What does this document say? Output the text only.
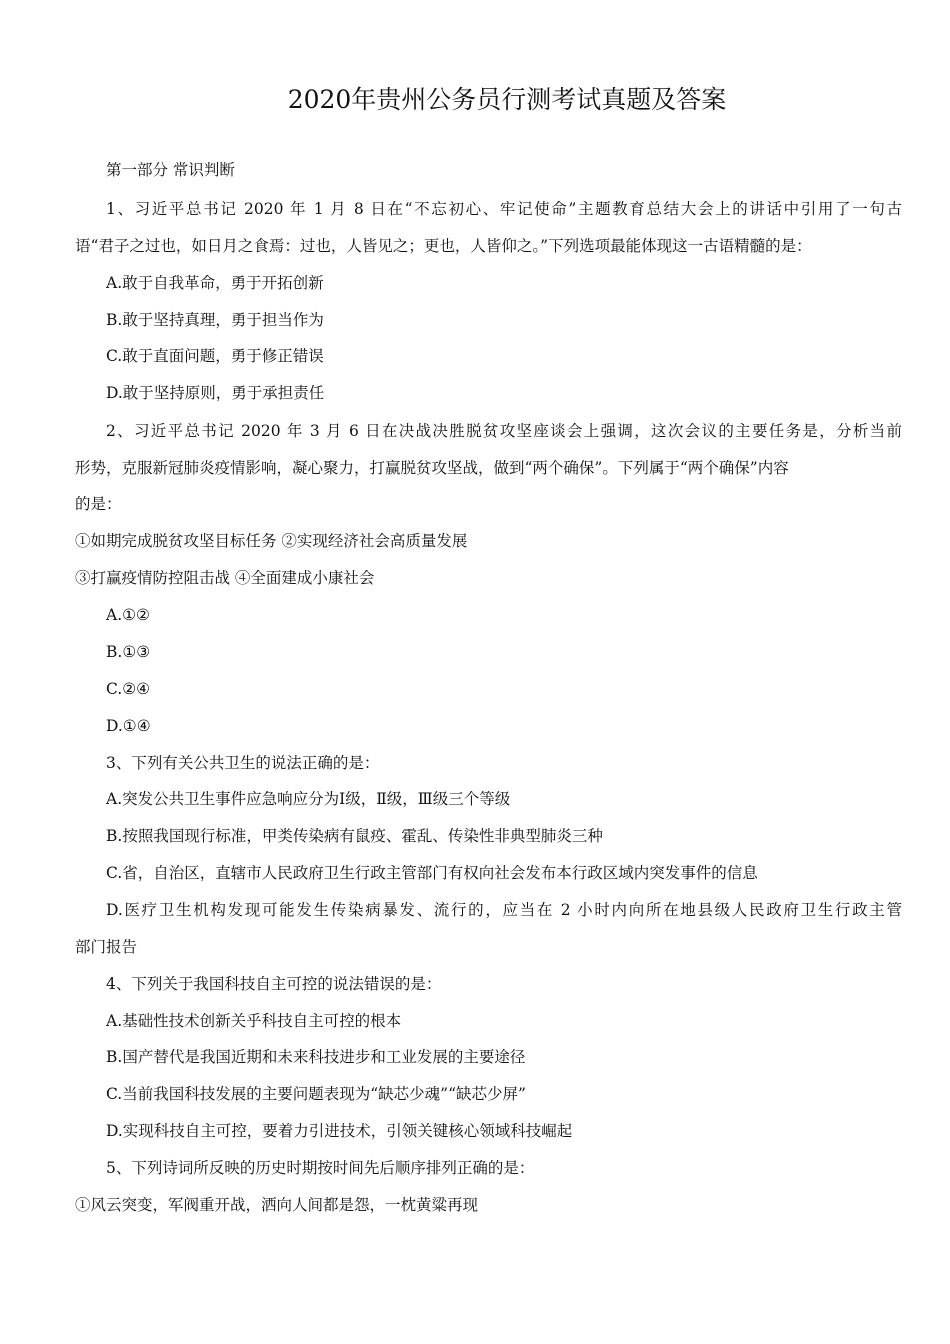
2020年贵州公务员行测考试真题及答案
第一部分 常识判断
1、习近平总书记 2020 年 1 月 8 日在“不忘初心、牢记使命”主题教育总结大会上的讲话中引用了一句古
语“君子之过也，如日月之食焉：过也，人皆见之；更也，人皆仰之。”下列选项最能体现这一古语精髓的是：
A.敢于自我革命，勇于开拓创新
B.敢于坚持真理，勇于担当作为
C.敢于直面问题，勇于修正错误
D.敢于坚持原则，勇于承担责任
2、习近平总书记 2020 年 3 月 6 日在决战决胜脱贫攻坚座谈会上强调，这次会议的主要任务是，分析当前
形势，克服新冠肺炎疫情影响，凝心聚力，打赢脱贫攻坚战，做到“两个确保”。下列属于“两个确保”内容
的是：
①如期完成脱贫攻坚目标任务 ②实现经济社会高质量发展
③打赢疫情防控阻击战 ④全面建成小康社会
A.①②
B.①③
C.②④
D.①④
3、下列有关公共卫生的说法正确的是：
A.突发公共卫生事件应急响应分为Ⅰ级，Ⅱ级，Ⅲ级三个等级
B.按照我国现行标准，甲类传染病有鼠疫、霍乱、传染性非典型肺炎三种
C.省，自治区，直辖市人民政府卫生行政主管部门有权向社会发布本行政区域内突发事件的信息
D.医疗卫生机构发现可能发生传染病暴发、流行的，应当在 2 小时内向所在地县级人民政府卫生行政主管
部门报告
4、下列关于我国科技自主可控的说法错误的是：
A.基础性技术创新关乎科技自主可控的根本
B.国产替代是我国近期和未来科技进步和工业发展的主要途径
C.当前我国科技发展的主要问题表现为“缺芯少魂”“缺芯少屏”
D.实现科技自主可控，要着力引进技术，引领关键核心领域科技崛起
5、下列诗词所反映的历史时期按时间先后顺序排列正确的是：
①风云突变，军阀重开战，洒向人间都是怨，一枕黄粱再现
